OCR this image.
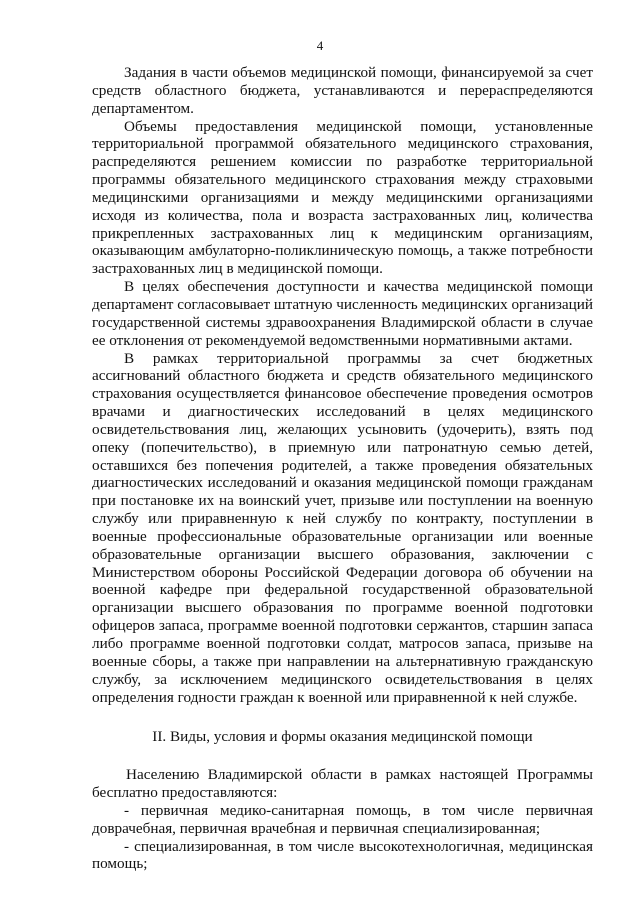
4

Задания в части объемов медицинской помощи, финансируемой за счет средств областного бюджета, устанавливаются и перераспределяются департаментом.

Объемы предоставления медицинской помощи, установленные территориальной программой обязательного медицинского страхования, распределяются решением комиссии по разработке территориальной программы обязательного медицинского страхования между страховыми медицинскими организациями и между медицинскими организациями исходя из количества, пола и возраста застрахованных лиц, количества прикрепленных застрахованных лиц к медицинским организациям, оказывающим амбулаторно-поликлиническую помощь, а также потребности застрахованных лиц в медицинской помощи.

В целях обеспечения доступности и качества медицинской помощи департамент согласовывает штатную численность медицинских организаций государственной системы здравоохранения Владимирской области в случае ее отклонения от рекомендуемой ведомственными нормативными актами.

В рамках территориальной программы за счет бюджетных ассигнований областного бюджета и средств обязательного медицинского страхования осуществляется финансовое обеспечение проведения осмотров врачами и диагностических исследований в целях медицинского освидетельствования лиц, желающих усыновить (удочерить), взять под опеку (попечительство), в приемную или патронатную семью детей, оставшихся без попечения родителей, а также проведения обязательных диагностических исследований и оказания медицинской помощи гражданам при постановке их на воинский учет, призыве или поступлении на военную службу или приравненную к ней службу по контракту, поступлении в военные профессиональные образовательные организации или военные образовательные организации высшего образования, заключении с Министерством обороны Российской Федерации договора об обучении на военной кафедре при федеральной государственной образовательной организации высшего образования по программе военной подготовки офицеров запаса, программе военной подготовки сержантов, старшин запаса либо программе военной подготовки солдат, матросов запаса, призыве на военные сборы, а также при направлении на альтернативную гражданскую службу, за исключением медицинского освидетельствования в целях определения годности граждан к военной или приравненной к ней службе.

II. Виды, условия и формы оказания медицинской помощи

Населению Владимирской области в рамках настоящей Программы бесплатно предоставляются:

- первичная медико-санитарная помощь, в том числе первичная доврачебная, первичная врачебная и первичная специализированная;

- специализированная, в том числе высокотехнологичная, медицинская помощь;
